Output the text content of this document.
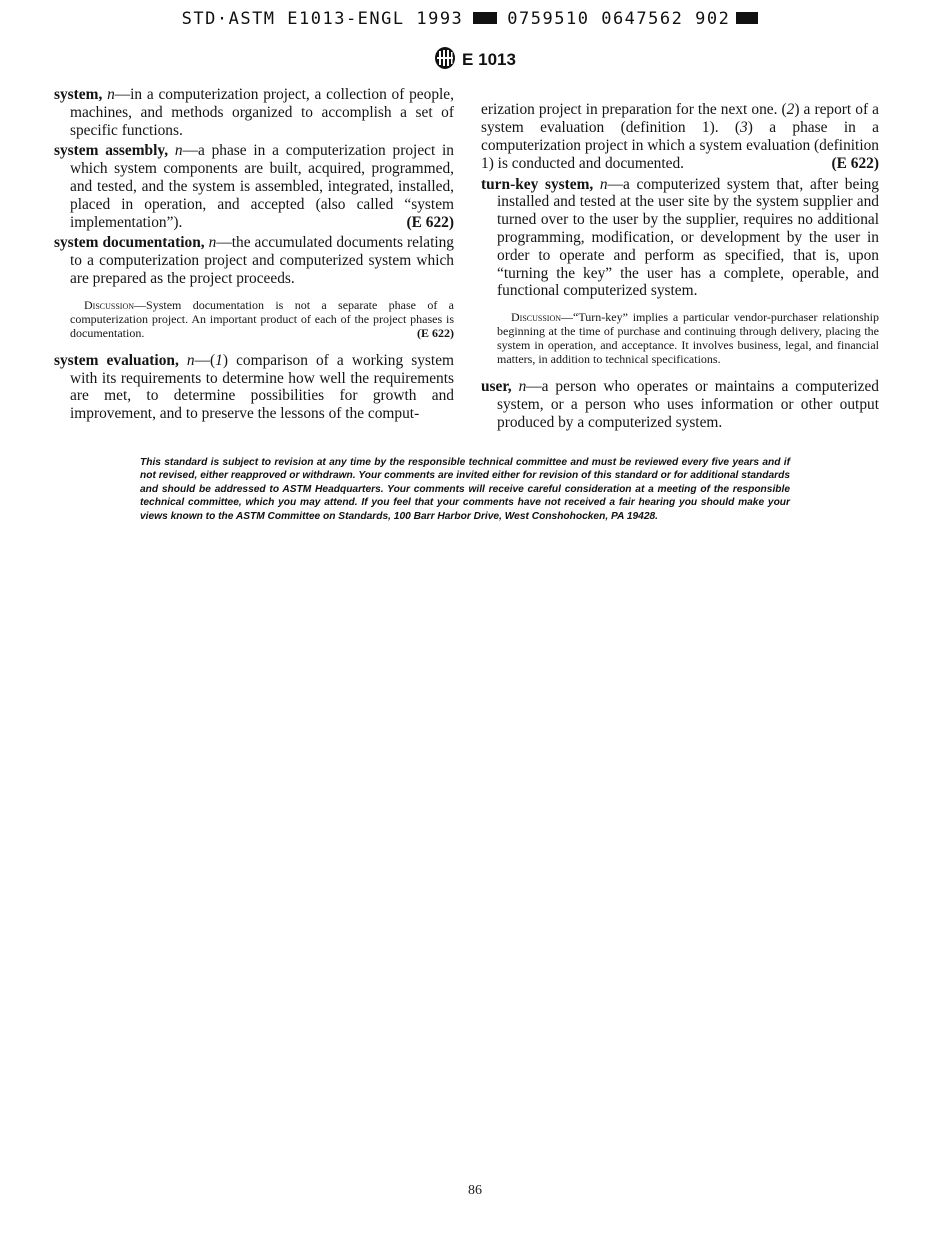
STD·ASTM E1013-ENGL 1993	0759510 0647562 902
E 1013

system, n—in a computerization project, a collection of people, machines, and methods organized to accomplish a set of specific functions.

system assembly, n—a phase in a computerization project in which system components are built, acquired, programmed, and tested, and the system is assembled, integrated, installed, placed in operation, and accepted (also called “system implementation”).	(E 622)

system documentation, n—the accumulated documents relating to a computerization project and computerized system which are prepared as the project proceeds.

Discussion—System documentation is not a separate phase of a computerization project. An important product of each of the project phases is documentation.	(E 622)

system evaluation, n—(1) comparison of a working system with its requirements to determine how well the requirements are met, to determine possibilities for growth and improvement, and to preserve the lessons of the comput-

erization project in preparation for the next one. (2) a report of a system evaluation (definition 1). (3) a phase in a computerization project in which a system evaluation (definition 1) is conducted and documented.	(E 622)

turn-key system, n—a computerized system that, after being installed and tested at the user site by the system supplier and turned over to the user by the supplier, requires no additional programming, modification, or development by the user in order to operate and perform as specified, that is, upon “turning the key” the user has a complete, operable, and functional computerized system.

Discussion—“Turn-key” implies a particular vendor-purchaser relationship beginning at the time of purchase and continuing through delivery, placing the system in operation, and acceptance. It involves business, legal, and financial matters, in addition to technical specifications.

user, n—a person who operates or maintains a computerized system, or a person who uses information or other output produced by a computerized system.

This standard is subject to revision at any time by the responsible technical committee and must be reviewed every five years and if not revised, either reapproved or withdrawn. Your comments are invited either for revision of this standard or for additional standards and should be addressed to ASTM Headquarters. Your comments will receive careful consideration at a meeting of the responsible technical committee, which you may attend. If you feel that your comments have not received a fair hearing you should make your views known to the ASTM Committee on Standards, 100 Barr Harbor Drive, West Conshohocken, PA 19428.
86
